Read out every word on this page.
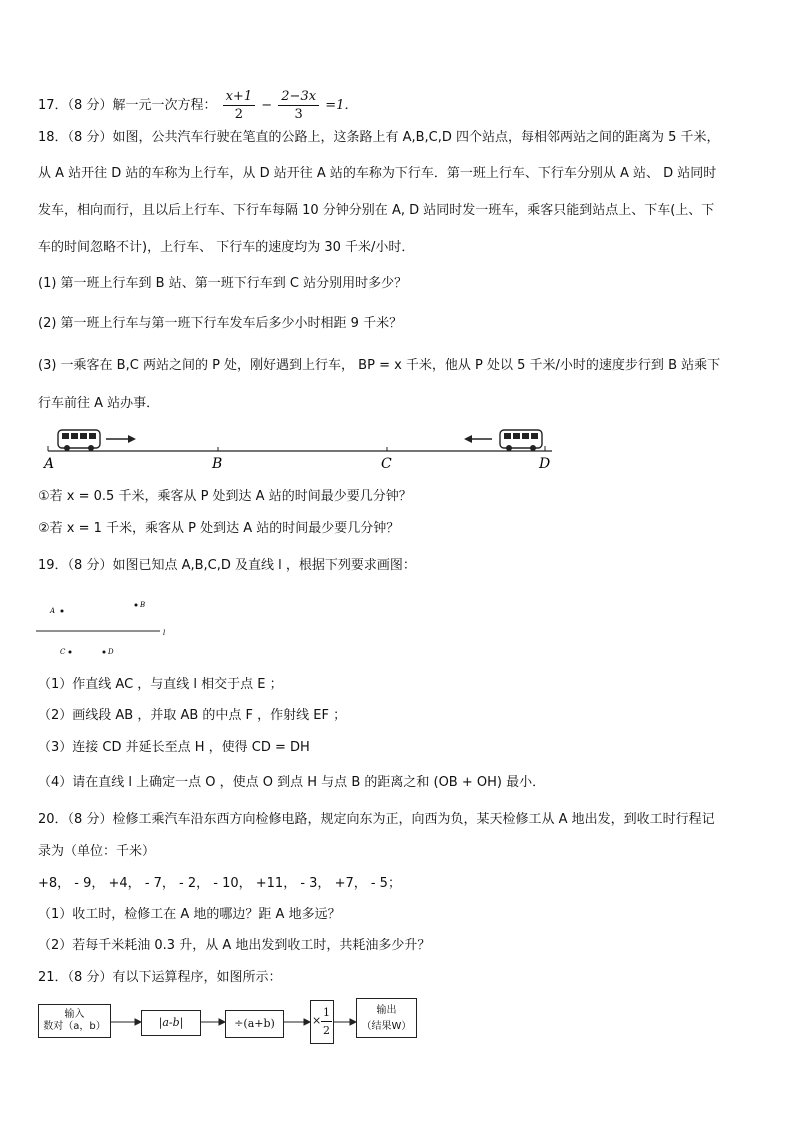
17．（8 分）解一元一次方程： $\frac{x+1}{2} - \frac{2-3x}{3} =1$．
18．（8 分）如图，公共汽车行驶在笔直的公路上，这条路上有 A,B,C,D 四个站点，每相邻两站之间的距离为 5 千米，
从 A 站开往 D 站的车称为上行车，从 D 站开往 A 站的车称为下行车．第一班上行车、下行车分别从 A 站、 D 站同时
发车，相向而行，且以后上行车、下行车每隔 10 分钟分别在 A, D 站同时发一班车，乘客只能到站点上、下车(上、下
车的时间忽略不计)，上行车、 下行车的速度均为 30 千米/小时．
(1) 第一班上行车到 B 站、第一班下行车到 C 站分别用时多少？
(2) 第一班上行车与第一班下行车发车后多少小时相距 9 千米？
(3) 一乘客在 B,C 两站之间的 P 处，刚好遇到上行车， BP = x 千米，他从 P 处以 5 千米/小时的速度步行到 B 站乘下
行车前往 A 站办事．
A	B	C	D
①若 x = 0.5 千米，乘客从 P 处到达 A 站的时间最少要几分钟？
②若 x = 1 千米，乘客从 P 处到达 A 站的时间最少要几分钟？
19．（8 分）如图已知点 A,B,C,D 及直线 l ，根据下列要求画图：
A
B
l
C	D
（1）作直线 AC ，与直线 l 相交于点 E ；
（2）画线段 AB ，并取 AB 的中点 F ，作射线 EF ；
（3）连接 CD 并延长至点 H ，使得 CD = DH
（4）请在直线 l 上确定一点 O ，使点 O 到点 H 与点 B 的距离之和 (OB + OH) 最小．
20．（8 分）检修工乘汽车沿东西方向检修电路，规定向东为正，向西为负，某天检修工从 A 地出发，到收工时行程记
录为（单位：千米）
+8， - 9， +4， - 7， - 2， - 10， +11， - 3， +7， - 5；
（1）收工时，检修工在 A 地的哪边？距 A 地多远？
（2）若每千米耗油 0.3 升，从 A 地出发到收工时，共耗油多少升？
21．（8 分）有以下运算程序，如图所示：
输入
数对（a，b）	|a-b|	÷(a+b)	× $\frac{1}{2}$	输出
（结果W）
